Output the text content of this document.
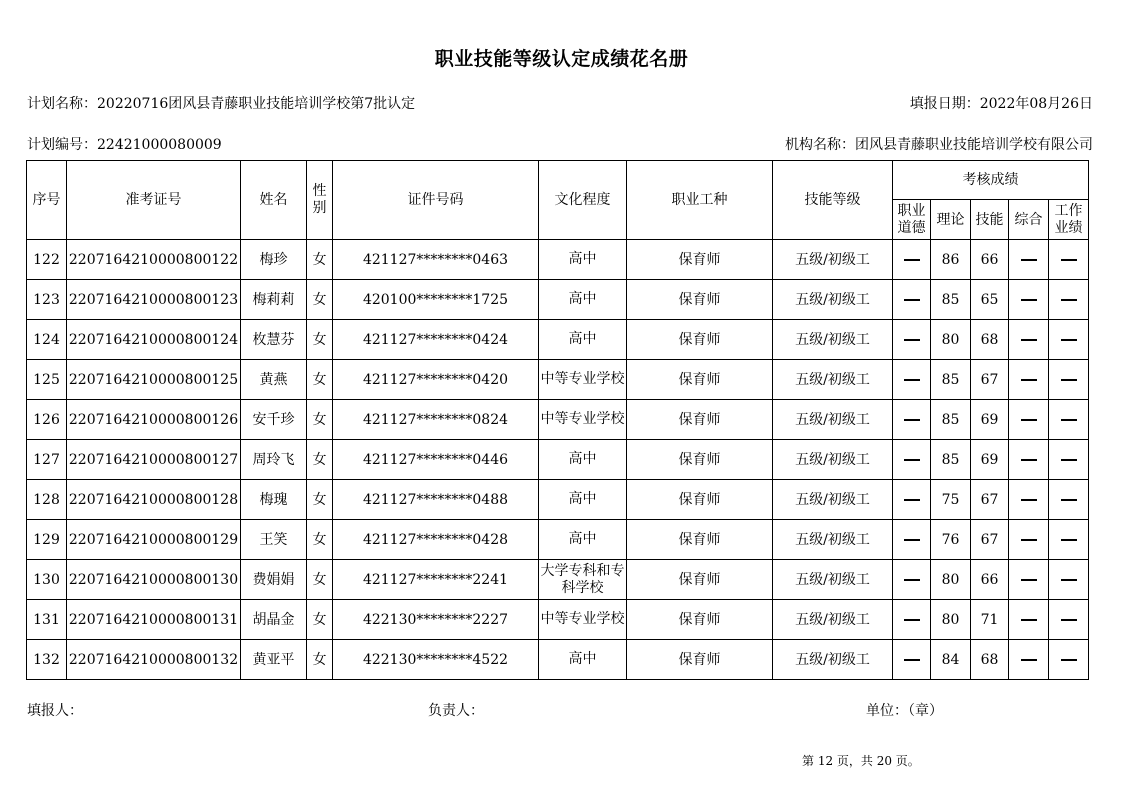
职业技能等级认定成绩花名册
计划名称：20220716团风县青藤职业技能培训学校第7批认定	填报日期：2022年08月26日
计划编号：22421000080009	机构名称：团风县青藤职业技能培训学校有限公司
序号	准考证号	姓名	性别	证件号码	文化程度	职业工种	技能等级	考核成绩				

								职业道德	理论	技能	综合	工作业绩

122	2207164210000800122	梅珍	女	421127********0463	高中	保育师	五级/初级工		86	66		
123	2207164210000800123	梅莉莉	女	420100********1725	高中	保育师	五级/初级工		85	65		
124	2207164210000800124	枚慧芬	女	421127********0424	高中	保育师	五级/初级工		80	68		
125	2207164210000800125	黄燕	女	421127********0420	中等专业学校	保育师	五级/初级工		85	67		
126	2207164210000800126	安千珍	女	421127********0824	中等专业学校	保育师	五级/初级工		85	69		
127	2207164210000800127	周玲飞	女	421127********0446	高中	保育师	五级/初级工		85	69		
128	2207164210000800128	梅瑰	女	421127********0488	高中	保育师	五级/初级工		75	67		
129	2207164210000800129	王笑	女	421127********0428	高中	保育师	五级/初级工		76	67		
130	2207164210000800130	费娟娟	女	421127********2241	大学专科和专科学校	保育师	五级/初级工		80	66		
131	2207164210000800131	胡晶金	女	422130********2227	中等专业学校	保育师	五级/初级工		80	71		
132	2207164210000800132	黄亚平	女	422130********4522	高中	保育师	五级/初级工		84	68		
填报人：	负责人：	单位：（章）
第 12 页，共 20 页。
